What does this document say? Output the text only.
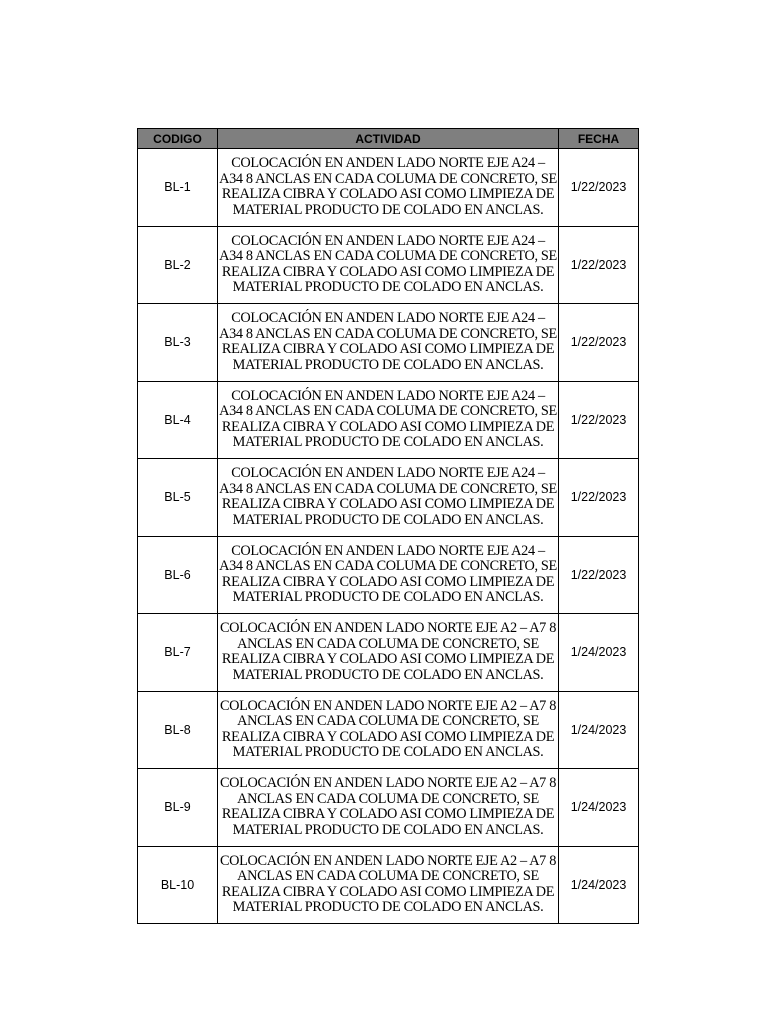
CODIGO	ACTIVIDAD	FECHA
BL-1	COLOCACIÓN EN ANDEN LADO NORTE EJE A24 – A34 8 ANCLAS EN CADA COLUMA DE CONCRETO, SE REALIZA CIBRA Y COLADO ASI COMO LIMPIEZA DE MATERIAL PRODUCTO DE COLADO EN ANCLAS.	1/22/2023
BL-2	COLOCACIÓN EN ANDEN LADO NORTE EJE A24 – A34 8 ANCLAS EN CADA COLUMA DE CONCRETO, SE REALIZA CIBRA Y COLADO ASI COMO LIMPIEZA DE MATERIAL PRODUCTO DE COLADO EN ANCLAS.	1/22/2023
BL-3	COLOCACIÓN EN ANDEN LADO NORTE EJE A24 – A34 8 ANCLAS EN CADA COLUMA DE CONCRETO, SE REALIZA CIBRA Y COLADO ASI COMO LIMPIEZA DE MATERIAL PRODUCTO DE COLADO EN ANCLAS.	1/22/2023
BL-4	COLOCACIÓN EN ANDEN LADO NORTE EJE A24 – A34 8 ANCLAS EN CADA COLUMA DE CONCRETO, SE REALIZA CIBRA Y COLADO ASI COMO LIMPIEZA DE MATERIAL PRODUCTO DE COLADO EN ANCLAS.	1/22/2023
BL-5	COLOCACIÓN EN ANDEN LADO NORTE EJE A24 – A34 8 ANCLAS EN CADA COLUMA DE CONCRETO, SE REALIZA CIBRA Y COLADO ASI COMO LIMPIEZA DE MATERIAL PRODUCTO DE COLADO EN ANCLAS.	1/22/2023
BL-6	COLOCACIÓN EN ANDEN LADO NORTE EJE A24 – A34 8 ANCLAS EN CADA COLUMA DE CONCRETO, SE REALIZA CIBRA Y COLADO ASI COMO LIMPIEZA DE MATERIAL PRODUCTO DE COLADO EN ANCLAS.	1/22/2023
BL-7	COLOCACIÓN EN ANDEN LADO NORTE EJE A2 – A7 8 ANCLAS EN CADA COLUMA DE CONCRETO, SE REALIZA CIBRA Y COLADO ASI COMO LIMPIEZA DE MATERIAL PRODUCTO DE COLADO EN ANCLAS.	1/24/2023
BL-8	COLOCACIÓN EN ANDEN LADO NORTE EJE A2 – A7 8 ANCLAS EN CADA COLUMA DE CONCRETO, SE REALIZA CIBRA Y COLADO ASI COMO LIMPIEZA DE MATERIAL PRODUCTO DE COLADO EN ANCLAS.	1/24/2023
BL-9	COLOCACIÓN EN ANDEN LADO NORTE EJE A2 – A7 8 ANCLAS EN CADA COLUMA DE CONCRETO, SE REALIZA CIBRA Y COLADO ASI COMO LIMPIEZA DE MATERIAL PRODUCTO DE COLADO EN ANCLAS.	1/24/2023
BL-10	COLOCACIÓN EN ANDEN LADO NORTE EJE A2 – A7 8 ANCLAS EN CADA COLUMA DE CONCRETO, SE REALIZA CIBRA Y COLADO ASI COMO LIMPIEZA DE MATERIAL PRODUCTO DE COLADO EN ANCLAS.	1/24/2023
